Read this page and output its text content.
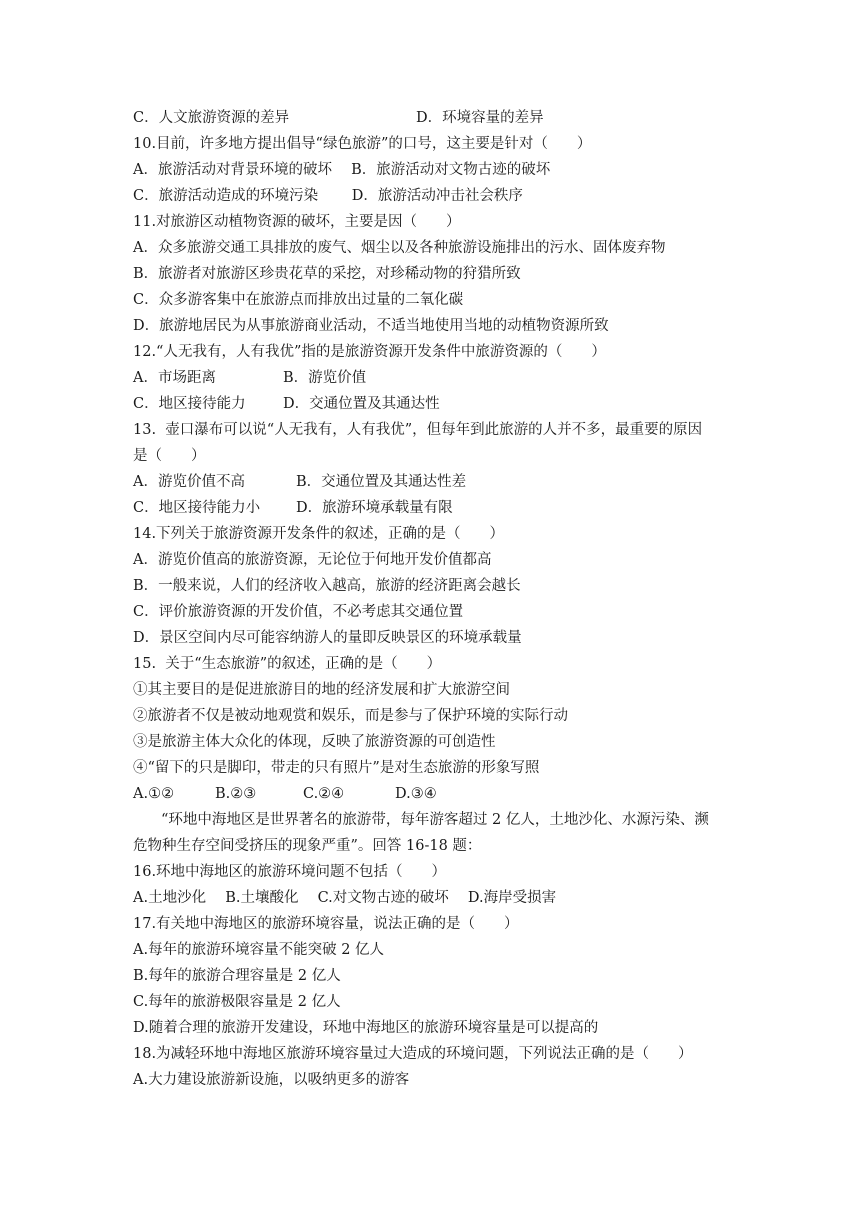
C．人文旅游资源的差异

	D．环境容量的差异

10.目前，许多地方提出倡导“绿色旅游”的口号，这主要是针对（　　）
A．旅游活动对背景环境的破坏　 B．旅游活动对文物古迹的破坏
C．旅游活动造成的环境污染　　 D．旅游活动冲击社会秩序
11.对旅游区动植物资源的破坏，主要是因（　　）
A．众多旅游交通工具排放的废气、烟尘以及各种旅游设施排出的污水、固体废弃物
B．旅游者对旅游区珍贵花草的采挖，对珍稀动物的狩猎所致
C．众多游客集中在旅游点而排放出过量的二氧化碳
D．旅游地居民为从事旅游商业活动，不适当地使用当地的动植物资源所致
12.“人无我有，人有我优”指的是旅游资源开发条件中旅游资源的（　　）

A．市场距离

	B．游览价值

C．地区接待能力

	D．交通位置及其通达性

13.  壶口瀑布可以说“人无我有，人有我优”，但每年到此旅游的人并不多，最重要的原因
是（　　）

A．游览价值不高

	B．交通位置及其通达性差

C．地区接待能力小

D．旅游环境承载量有限

14.下列关于旅游资源开发条件的叙述，正确的是（　　）
A．游览价值高的旅游资源，无论位于何地开发价值都高
B．一般来说，人们的经济收入越高，旅游的经济距离会越长
C．评价旅游资源的开发价值，不必考虑其交通位置
D．景区空间内尽可能容纳游人的量即反映景区的环境承载量
15.  关于“生态旅游”的叙述，正确的是（　　）
①其主要目的是促进旅游目的地的经济发展和扩大旅游空间
②旅游者不仅是被动地观赏和娱乐，而是参与了保护环境的实际行动
③是旅游主体大众化的体现，反映了旅游资源的可创造性
④“留下的只是脚印，带走的只有照片”是对生态旅游的形象写照

A.①②

	B.②③

	C.②④

	D.③④

“环地中海地区是世界著名的旅游带，每年游客超过 2 亿人，土地沙化、水源污染、濒
危物种生存空间受挤压的现象严重”。回答 16-18 题：
16.环地中海地区的旅游环境问题不包括（　　）
A.土地沙化　 B.土壤酸化　 C.对文物古迹的破坏　 D.海岸受损害
17.有关地中海地区的旅游环境容量，说法正确的是（　　）
A.每年的旅游环境容量不能突破 2 亿人
B.每年的旅游合理容量是 2 亿人
C.每年的旅游极限容量是 2 亿人
D.随着合理的旅游开发建设，环地中海地区的旅游环境容量是可以提高的
18.为减轻环地中海地区旅游环境容量过大造成的环境问题，下列说法正确的是（　　）
A.大力建设旅游新设施，以吸纳更多的游客
